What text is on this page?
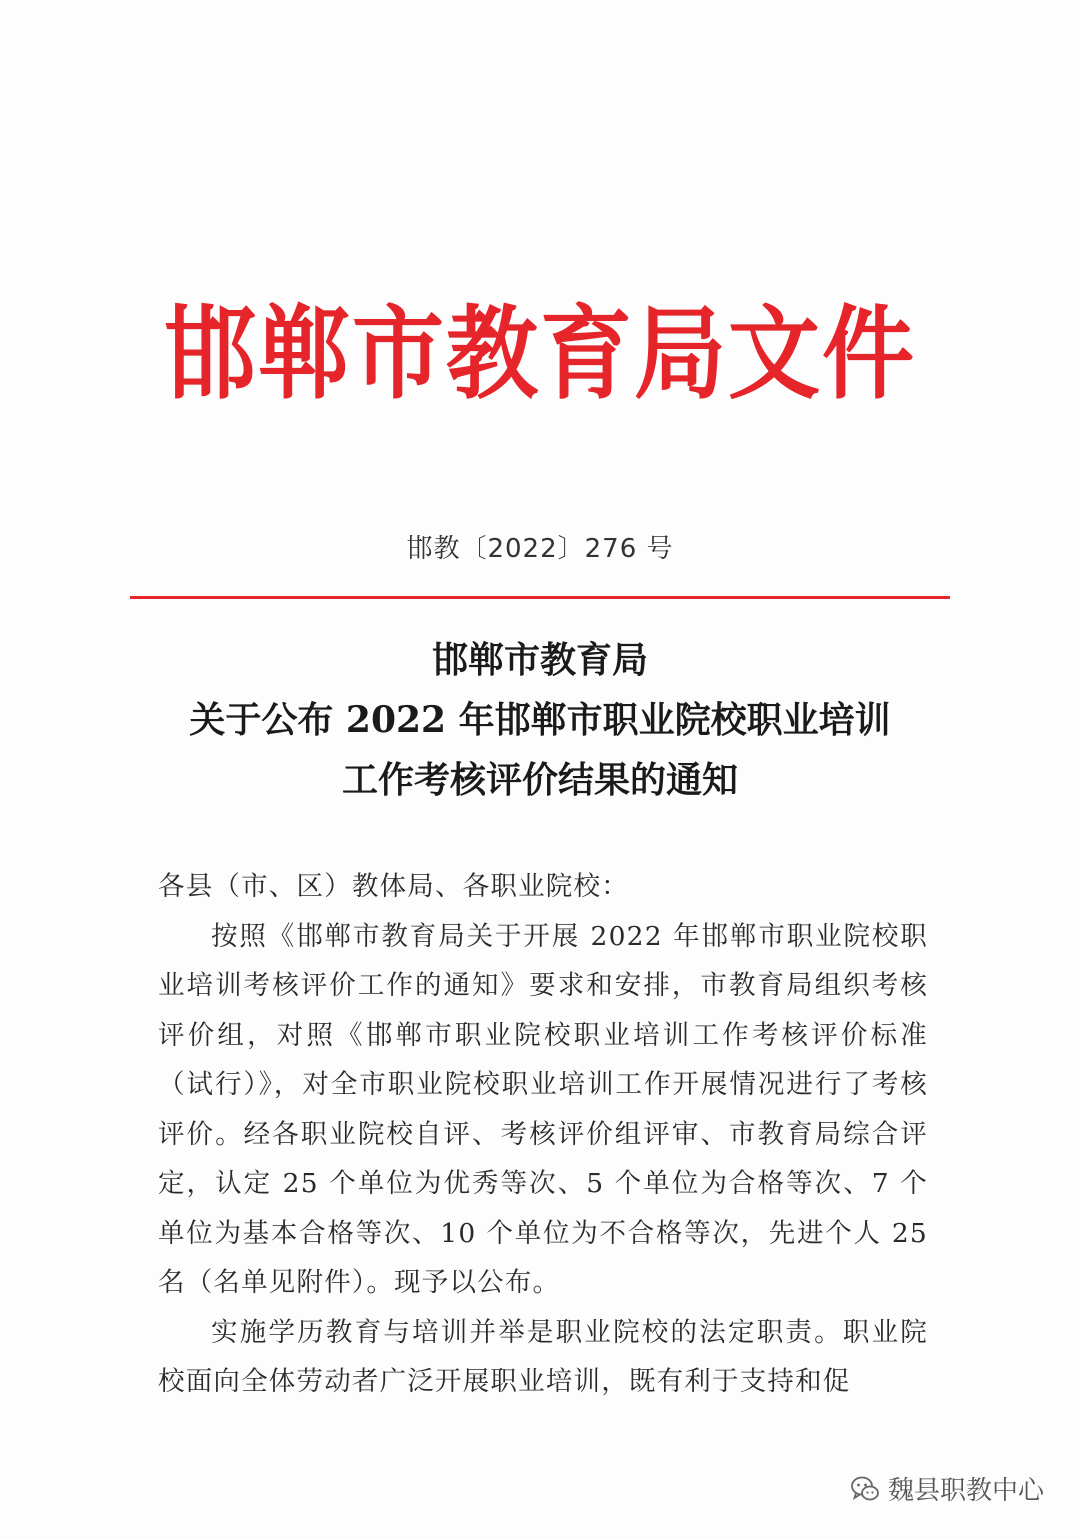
邯郸市教育局文件
邯教〔2022〕276 号
邯郸市教育局
关于公布 2022 年邯郸市职业院校职业培训
工作考核评价结果的通知

各县（市、区）教体局、各职业院校：

按照《邯郸市教育局关于开展 2022 年邯郸市职业院校职业培训考核评价工作的通知》要求和安排，市教育局组织考核评价组，对照《邯郸市职业院校职业培训工作考核评价标准（试行）》，对全市职业院校职业培训工作开展情况进行了考核评价。经各职业院校自评、考核评价组评审、市教育局综合评定，认定 25 个单位为优秀等次、5 个单位为合格等次、7 个单位为基本合格等次、10 个单位为不合格等次，先进个人 25 名（名单见附件）。现予以公布。

实施学历教育与培训并举是职业院校的法定职责。职业院校面向全体劳动者广泛开展职业培训，既有利于支持和促

魏县职教中心
